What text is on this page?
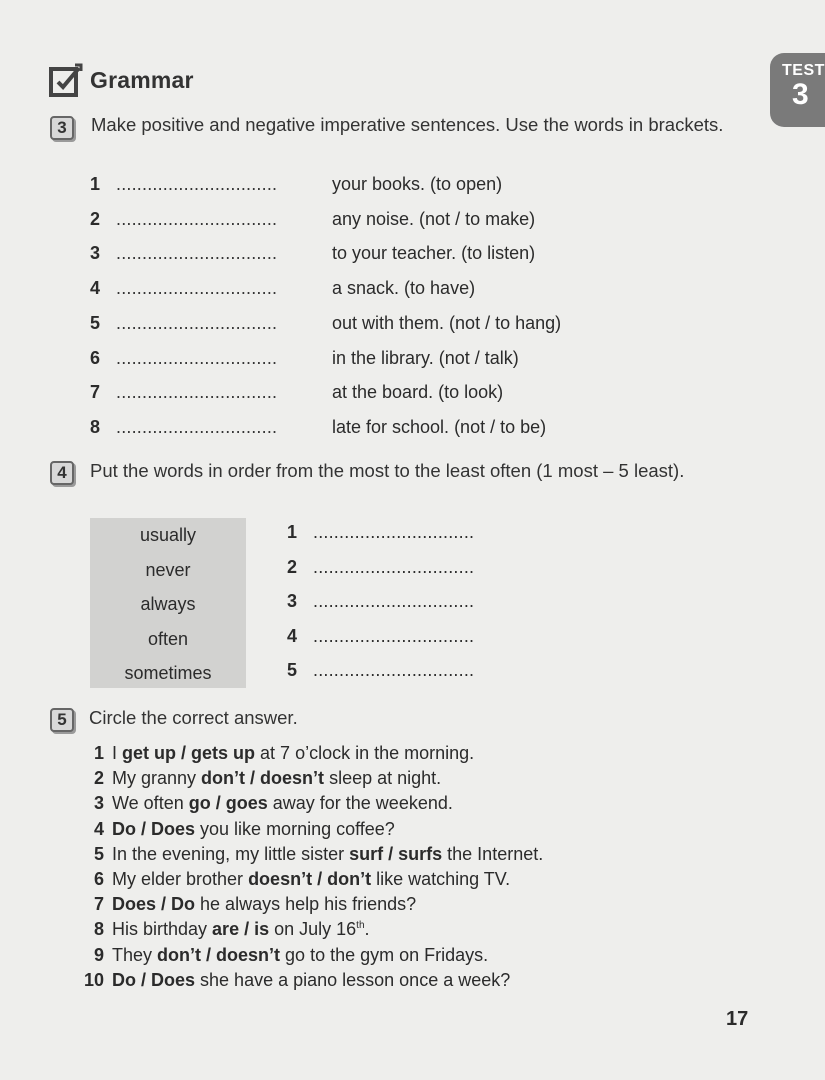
Grammar	TEST
3
3	Make positive and negative imperative sentences. Use the words in brackets.
1 ...............................	your books. (to open)
2 ...............................	any noise. (not / to make)
3 ...............................	to your teacher. (to listen)
4 ...............................	a snack. (to have)
5 ...............................	out with them. (not / to hang)
6 ...............................	in the library. (not / talk)
7 ...............................	at the board. (to look)
8 ...............................	late for school. (not / to be)
4	Put the words in order from the most to the least often (1 most – 5 least).
usually
never
always
often
sometimes
1 ...............................
2 ...............................
3 ...............................
4 ...............................
5 ...............................
5	Circle the correct answer.
1 I get up / gets up at 7 o’clock in the morning.
2 My granny don’t / doesn’t sleep at night.
3 We often go / goes away for the weekend.
4 Do / Does you like morning coffee?
5 In the evening, my little sister surf / surfs the Internet.
6 My elder brother doesn’t / don’t like watching TV.
7 Does / Do he always help his friends?
8 His birthday are / is on July 16th.
9 They don’t / doesn’t go to the gym on Fridays.
10 Do / Does she have a piano lesson once a week?
17
